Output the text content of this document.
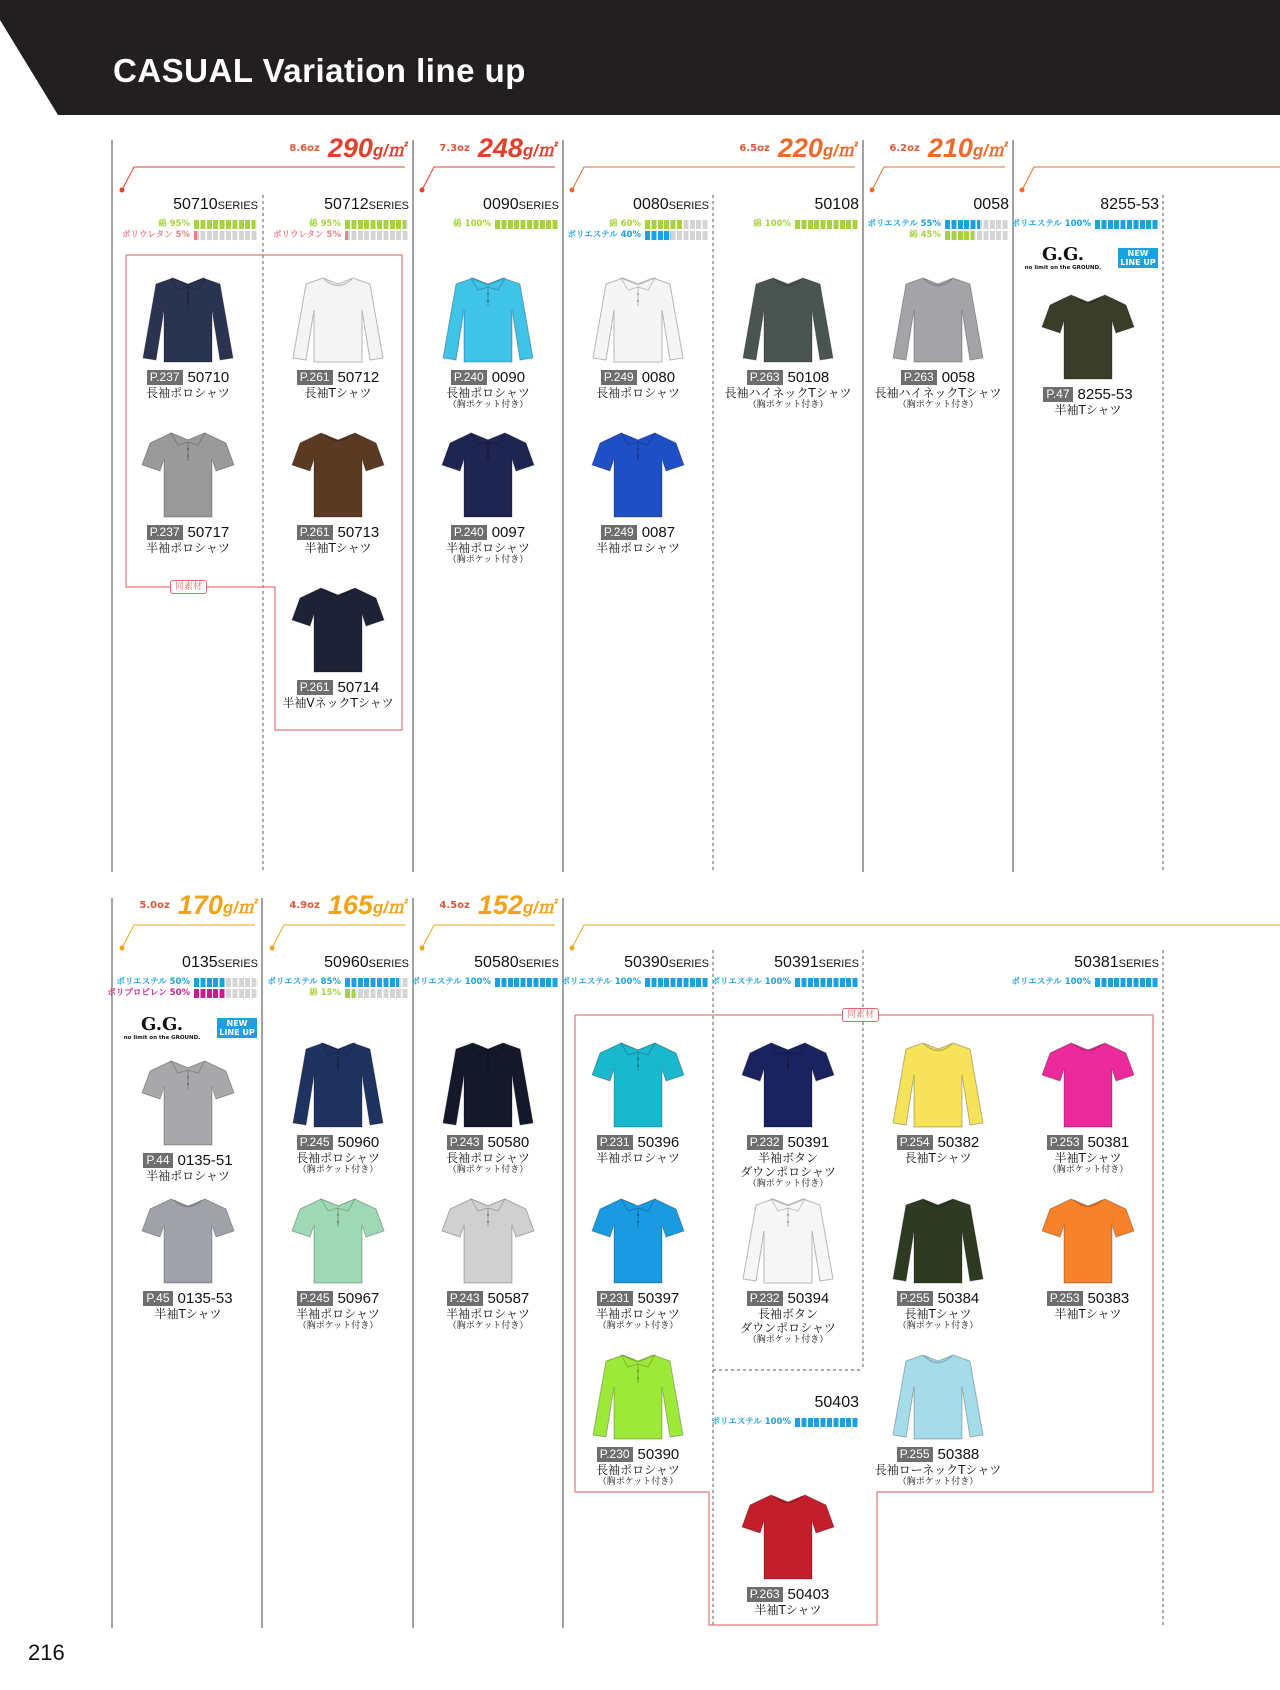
CASUAL Variation line up
8.6oz 290g/㎡	7.3oz 248g/㎡	6.5oz 220g/㎡	6.2oz 210g/㎡
5.0oz 170g/㎡	4.9oz 165g/㎡	4.5oz 152g/㎡
50710SERIES
綿 95%
ポリウレタン 5%
50712SERIES
綿 95%
ポリウレタン 5%
0090SERIES
綿 100%
0080SERIES
綿 60%
ポリエステル 40%
50108
綿 100%
0058
ポリエステル 55%
綿 45%
8255-53
ポリエステル 100%
0135SERIES
ポリエステル 50%
ポリプロピレン 50%
50960SERIES
ポリエステル 85%
綿 15%
50580SERIES
ポリエステル 100%
50390SERIES
ポリエステル 100%
50391SERIES
ポリエステル 100%
50381SERIES
ポリエステル 100%
50403
ポリエステル 100%
G.G.
no limit on the GROUND.
NEW LINE UP
G.G.
no limit on the GROUND.
NEW LINE UP
同素材
同素材
P.237 50710
長袖ポロシャツ
P.237 50717
半袖ポロシャツ
P.261 50712
長袖Tシャツ
P.261 50713
半袖Tシャツ
P.261 50714
半袖VネックTシャツ
P.240 0090
長袖ポロシャツ
（胸ポケット付き）
P.240 0097
半袖ポロシャツ
（胸ポケット付き）
P.249 0080
長袖ポロシャツ
P.249 0087
半袖ポロシャツ
P.263 50108
長袖ハイネックTシャツ
（胸ポケット付き）
P.263 0058
長袖ハイネックTシャツ
（胸ポケット付き）
P.47 8255-53
半袖Tシャツ
P.44 0135-51
半袖ポロシャツ
P.45 0135-53
半袖Tシャツ
P.245 50960
長袖ポロシャツ
（胸ポケット付き）
P.245 50967
半袖ポロシャツ
（胸ポケット付き）
P.243 50580
長袖ポロシャツ
（胸ポケット付き）
P.243 50587
半袖ポロシャツ
（胸ポケット付き）
P.231 50396
半袖ポロシャツ
P.231 50397
半袖ポロシャツ
（胸ポケット付き）
P.230 50390
長袖ポロシャツ
（胸ポケット付き）
P.232 50391
半袖ボタン
ダウンポロシャツ
（胸ポケット付き）
P.232 50394
長袖ボタン
ダウンポロシャツ
（胸ポケット付き）
P.263 50403
半袖Tシャツ
P.254 50382
長袖Tシャツ
P.255 50384
長袖Tシャツ
（胸ポケット付き）
P.255 50388
長袖ローネックTシャツ
（胸ポケット付き）
P.253 50381
半袖Tシャツ
（胸ポケット付き）
P.253 50383
半袖Tシャツ
216
